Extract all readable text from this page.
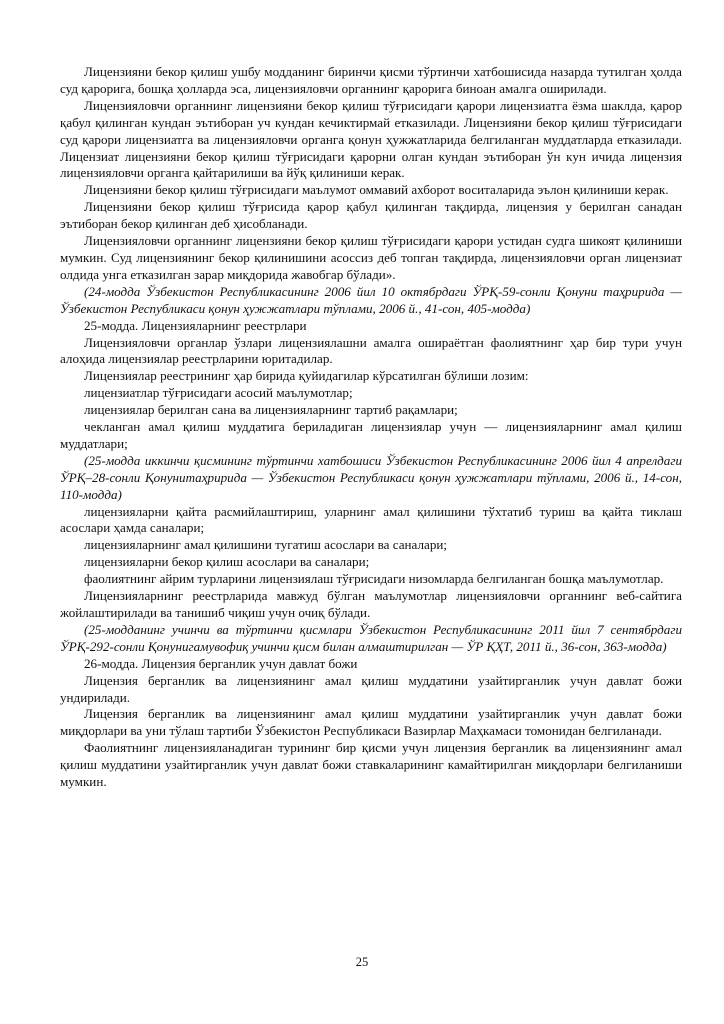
Лицензияни бекор қилиш ушбу модданинг биринчи қисми тўртинчи хатбошисида назарда тутилган ҳолда суд қарорига, бошқа ҳолларда эса, лицензияловчи органнинг қарорига биноан амалга оширилади.

Лицензияловчи органнинг лицензияни бекор қилиш тўғрисидаги қарори лицензиатга ёзма шаклда, қарор қабул қилинган кундан эътиборан уч кундан кечиктирмай етказилади. Лицензияни бекор қилиш тўғрисидаги суд қарори лицензиатга ва лицензияловчи органга қонун ҳужжатларида белгиланган муддатларда етказилади. Лицензиат лицензияни бекор қилиш тўғрисидаги қарорни олган кундан эътиборан ўн кун ичида лицензия лицензияловчи органга қайтарилиши ва йўқ қилиниши керак.

Лицензияни бекор қилиш тўғрисидаги маълумот оммавий ахборот воситаларида эълон қилиниши керак.

Лицензияни бекор қилиш тўғрисида қарор қабул қилинган тақдирда, лицензия у берилган санадан эътиборан бекор қилинган деб ҳисобланади.

Лицензияловчи органнинг лицензияни бекор қилиш тўғрисидаги қарори устидан судга шикоят қилиниши мумкин. Суд лицензиянинг бекор қилинишини асоссиз деб топган тақдирда, лицензияловчи орган лицензиат олдида унга етказилган зарар миқдорида жавобгар бўлади».

(24-модда Ўзбекистон Республикасининг 2006 йил 10 октябрдаги ЎРҚ-59-сонли Қонуни таҳририда — Ўзбекистон Республикаси қонун ҳужжатлари тўплами, 2006 й., 41-сон, 405-модда)

25-модда. Лицензияларнинг реестрлари

Лицензияловчи органлар ўзлари лицензиялашни амалга ошираётган фаолиятнинг ҳар бир тури учун алоҳида лицензиялар реестрларини юритадилар.

Лицензиялар реестрининг ҳар бирида қуйидагилар кўрсатилган бўлиши лозим:

лицензиатлар тўғрисидаги асосий маълумотлар;

лицензиялар берилган сана ва лицензияларнинг тартиб рақамлари;

чекланган амал қилиш муддатига бериладиган лицензиялар учун — лицензияларнинг амал қилиш муддатлари;

(25-модда иккинчи қисмининг тўртинчи хатбошиси Ўзбекистон Республикасининг 2006 йил 4 апрелдаги ЎРҚ–28-сонли Қонунитаҳририда — Ўзбекистон Республикаси қонун ҳужжатлари тўплами, 2006 й., 14-сон, 110-модда)

лицензияларни қайта расмийлаштириш, уларнинг амал қилишини тўхтатиб туриш ва қайта тиклаш асослари ҳамда саналари;

лицензияларнинг амал қилишини тугатиш асослари ва саналари;

лицензияларни бекор қилиш асослари ва саналари;

фаолиятнинг айрим турларини лицензиялаш тўғрисидаги низомларда белгиланган бошқа маълумотлар.

Лицензияларнинг реестрларида мавжуд бўлган маълумотлар лицензияловчи органнинг веб-сайтига жойлаштирилади ва танишиб чиқиш учун очиқ бўлади.

(25-модданинг учинчи ва тўртинчи қисмлари Ўзбекистон Республикасининг 2011 йил 7 сентябрдаги ЎРҚ-292-сонли Қонунигамувофиқ учинчи қисм билан алмаштирилган — ЎР ҚҲТ, 2011 й., 36-сон, 363-модда)

26-модда. Лицензия берганлик учун давлат божи

Лицензия берганлик ва лицензиянинг амал қилиш муддатини узайтирганлик учун давлат божи ундирилади.

Лицензия берганлик ва лицензиянинг амал қилиш муддатини узайтирганлик учун давлат божи миқдорлари ва уни тўлаш тартиби Ўзбекистон Республикаси Вазирлар Маҳкамаси томонидан белгиланади.

Фаолиятнинг лицензияланадиган турининг бир қисми учун лицензия берганлик ва лицензиянинг амал қилиш муддатини узайтирганлик учун давлат божи ставкаларининг камайтирилган миқдорлари белгиланиши мумкин.

25
